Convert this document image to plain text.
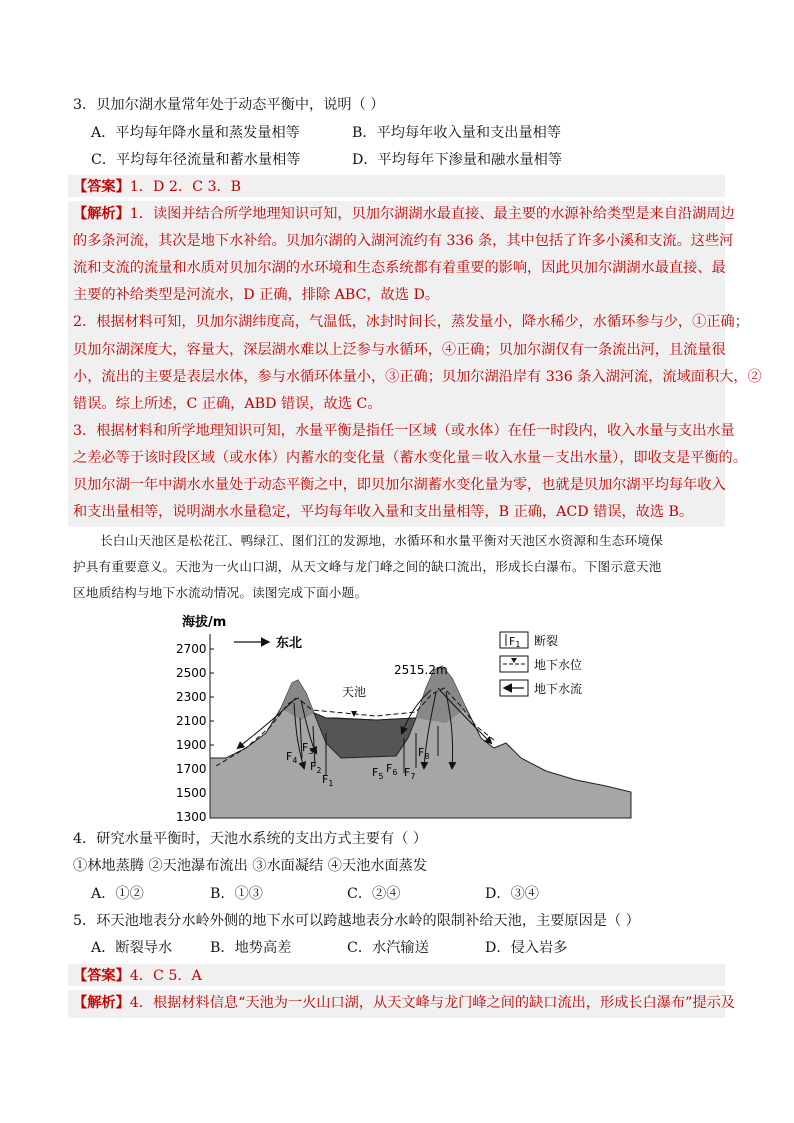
3．贝加尔湖水量常年处于动态平衡中，说明（ ）
A．平均每年降水量和蒸发量相等	B．平均每年收入量和支出量相等
C．平均每年径流量和蓄水量相等	D．平均每年下渗量和融水量相等
【答案】1．D 2．C 3．B
【解析】1．读图并结合所学地理知识可知，贝加尔湖湖水最直接、最主要的水源补给类型是来自沿湖周边
的多条河流，其次是地下水补给。贝加尔湖的入湖河流约有 336 条，其中包括了许多小溪和支流。这些河
流和支流的流量和水质对贝加尔湖的水环境和生态系统都有着重要的影响，因此贝加尔湖湖水最直接、最
主要的补给类型是河流水，D 正确，排除 ABC，故选 D。
2．根据材料可知，贝加尔湖纬度高，气温低，冰封时间长，蒸发量小，降水稀少，水循环参与少，①正确；
贝加尔湖深度大，容量大，深层湖水难以上泛参与水循环，④正确；贝加尔湖仅有一条流出河，且流量很
小，流出的主要是表层水体，参与水循环体量小，③正确；贝加尔湖沿岸有 336 条入湖河流，流域面积大，②
错误。综上所述，C 正确，ABD 错误，故选 C。
3．根据材料和所学地理知识可知，水量平衡是指任一区域（或水体）在任一时段内，收入水量与支出水量
之差必等于该时段区域（或水体）内蓄水的变化量（蓄水变化量＝收入水量－支出水量），即收支是平衡的。
贝加尔湖一年中湖水水量处于动态平衡之中，即贝加尔湖蓄水变化量为零，也就是贝加尔湖平均每年收入
和支出量相等，说明湖水水量稳定，平均每年收入量和支出量相等，B 正确，ACD 错误，故选 B。
长白山天池区是松花江、鸭绿江、图们江的发源地，水循环和水量平衡对天池区水资源和生态环境保
护具有重要意义。天池为一火山口湖，从天文峰与龙门峰之间的缺口流出，形成长白瀑布。下图示意天池
区地质结构与地下水流动情况。读图完成下面小题。
海拔/m
2700
2500
2300
2100
1900
1700
1500
1300
$F_4$
$F_3$
$F_2$
$F_1$
$F_5$
$F_6$ $F_7$
$F_8$
天池
2515.2m
东北	F1 断裂
地下水位
地下水流
4．研究水量平衡时，天池水系统的支出方式主要有（ ）
①林地蒸腾 ②天池瀑布流出 ③水面凝结 ④天池水面蒸发
A．①②	B．①③	C．②④	D．③④
5．环天池地表分水岭外侧的地下水可以跨越地表分水岭的限制补给天池，主要原因是（ ）
A．断裂导水	B．地势高差	C．水汽输送	D．侵入岩多
【答案】4．C 5．A
【解析】4．根据材料信息“天池为一火山口湖，从天文峰与龙门峰之间的缺口流出，形成长白瀑布”提示及
